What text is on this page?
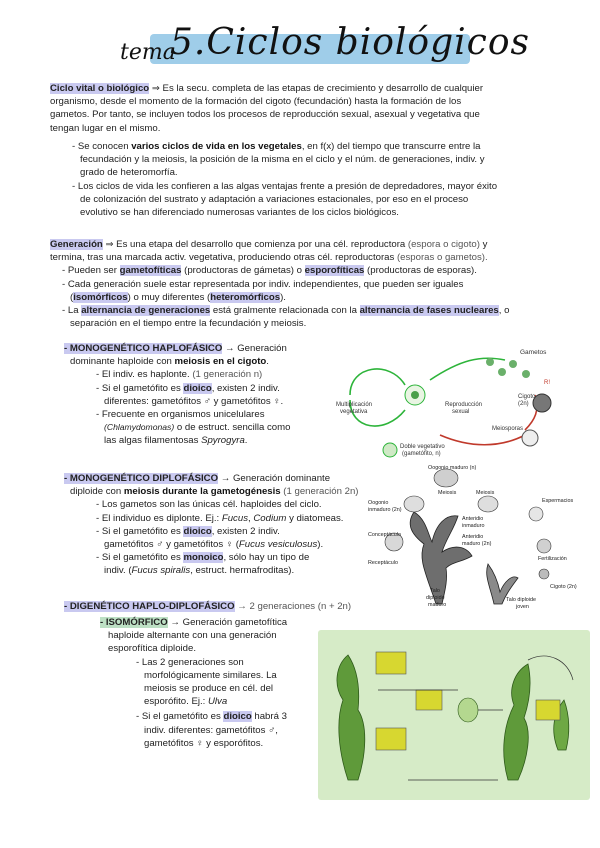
tema
5.Ciclos biológicos
Ciclo vital o biológico ⇒ Es la secu. completa de las etapas de crecimiento y desarrollo de cualquier
organismo, desde el momento de la formación del cigoto (fecundación) hasta la formación de los
gametos. Por tanto, se incluyen todos los procesos de reproducción sexual, asexual y vegetativa que
tengan lugar en el mismo.
- Se conocen varios ciclos de vida en los vegetales, en f(x) del tiempo que transcurre entre la
fecundación y la meiosis, la posición de la misma en el ciclo y el núm. de generaciones, indiv. y
grado de heteromorfía.
- Los ciclos de vida les confieren a las algas ventajas frente a presión de depredadores, mayor éxito
de colonización del sustrato y adaptación a variaciones estacionales, por eso en el proceso
evolutivo se han diferenciado numerosas variantes de los ciclos biológicos.
Generación ⇒ Es una etapa del desarrollo que comienza por una cél. reproductora (espora o cigoto) y
termina, tras una marcada activ. vegetativa, produciendo otras cél. reproductoras (esporas o gametos).
- Pueden ser gametofíticas (productoras de gámetas) o esporofíticas (productoras de esporas).
- Cada generación suele estar representada por indiv. independientes, que pueden ser iguales
(isomórficos) o muy diferentes (heteromórficos).
- La alternancia de generaciones está gralmente relacionada con la alternancia de fases nucleares, o
separación en el tiempo entre la fecundación y meiosis.
- MONOGENÉTICO HAPLOFÁSICO → Generación
dominante haploide con meiosis en el cigoto.
- El indiv. es haplonte. (1 generación n)
- Si el gametófito es dioico, existen 2 indiv.
diferentes: gametófitos ♂ y gametófitos ♀.
- Frecuente en organismos unicelulares
(Chlamydomonas) o de estruct. sencilla como
las algas filamentosas Spyrogyra.
Gametos
Multiplicación
vegetativa
Reproducción
sexual
Cigoto
(2n)
R!
Meiosporas
Doble vegetativo
(gametófito, n)
- MONOGENÉTICO DIPLOFÁSICO → Generación dominante
diploide con meiosis durante la gametogénesis (1 generación 2n)
- Los gametos son las únicas cél. haploides del ciclo.
- El individuo es diplonte. Ej.: Fucus, Codium y diatomeas.
- Si el gametófito es dioico, existen 2 indiv.
gametófitos ♂ y gametófitos ♀ (Fucus vesiculosus).
- Si el gametófito es monoico, sólo hay un tipo de
indiv. (Fucus spiralis, estruct. hermafroditas).
Oogonio maduro (n)
Meiosis
Oogonio
inmaduro (2n)
Conceptáculo
Receptáculo
Meiosis
Anteridio
inmaduro
Anteridio
maduro (2n)
Espermacios
Fertilización
Cigoto (2n)
Talo
diploide
maduro
Talo diploide
joven
- DIGENÉTICO HAPLO-DIPLOFÁSICO → 2 generaciones (n + 2n)
- ISOMÓRFICO → Generación gametofítica
haploide alternante con una generación
esporofítica diploide.
- Las 2 generaciones son
morfológicamente similares. La
meiosis se produce en cél. del
esporófito. Ej.: Ulva
- Si el gametófito es dioico habrá 3
indiv. diferentes: gametófitos ♂,
gametófitos ♀ y esporófitos.
